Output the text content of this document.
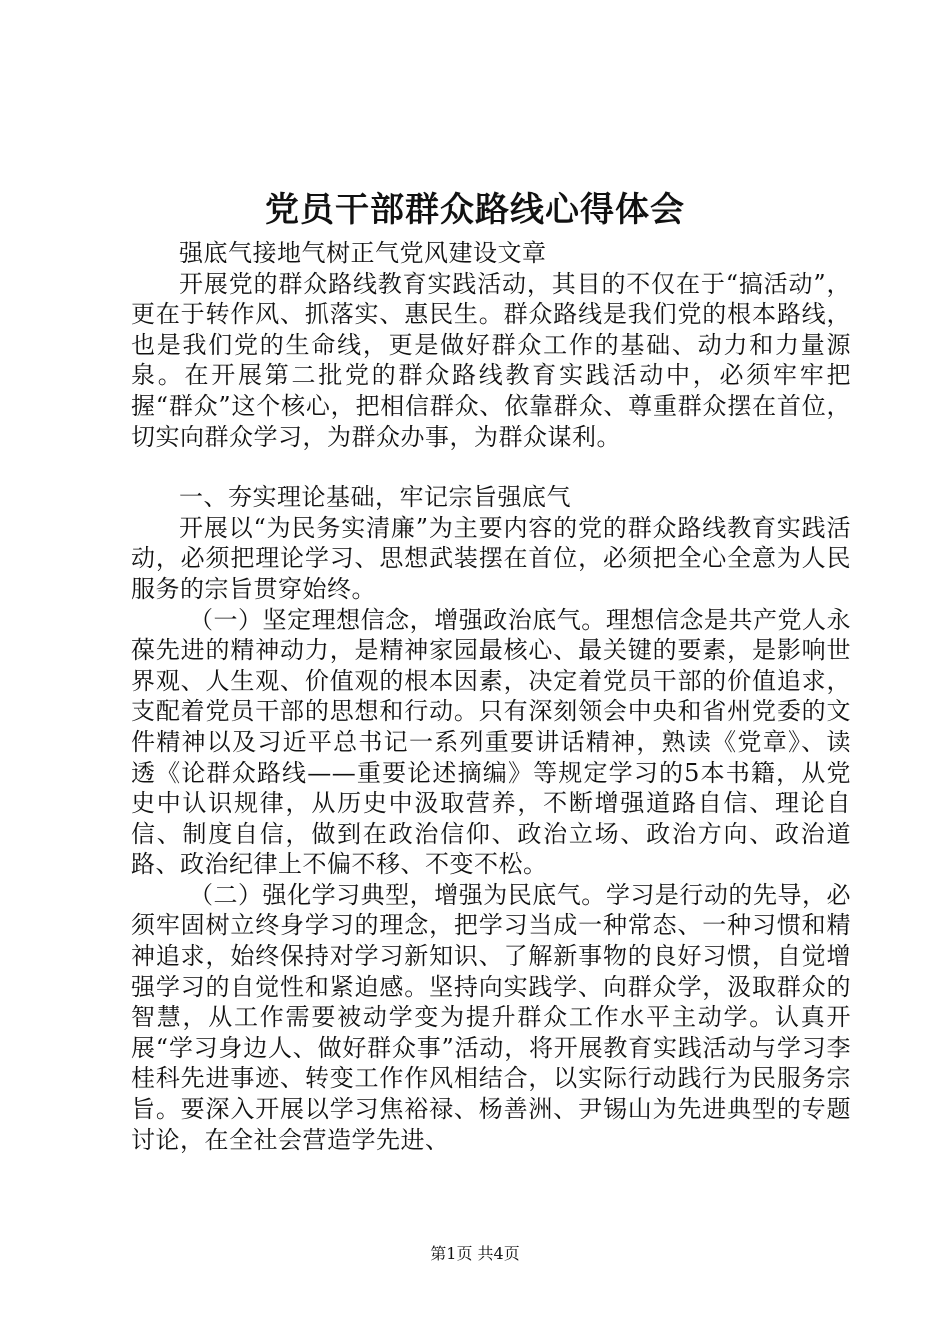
党员干部群众路线心得体会

强底气接地气树正气党风建设文章

开展党的群众路线教育实践活动，其目的不仅在于“搞活动”，更在于转作风、抓落实、惠民生。群众路线是我们党的根本路线，也是我们党的生命线，更是做好群众工作的基础、动力和力量源泉。在开展第二批党的群众路线教育实践活动中，必须牢牢把握“群众”这个核心，把相信群众、依靠群众、尊重群众摆在首位，切实向群众学习，为群众办事，为群众谋利。

一、夯实理论基础，牢记宗旨强底气

开展以“为民务实清廉”为主要内容的党的群众路线教育实践活动，必须把理论学习、思想武装摆在首位，必须把全心全意为人民服务的宗旨贯穿始终。

（一）坚定理想信念，增强政治底气。理想信念是共产党人永葆先进的精神动力，是精神家园最核心、最关键的要素，是影响世界观、人生观、价值观的根本因素，决定着党员干部的价值追求，支配着党员干部的思想和行动。只有深刻领会中央和省州党委的文件精神以及习近平总书记一系列重要讲话精神，熟读《党章》、读透《论群众路线——重要论述摘编》等规定学习的5本书籍，从党史中认识规律，从历史中汲取营养，不断增强道路自信、理论自信、制度自信，做到在政治信仰、政治立场、政治方向、政治道路、政治纪律上不偏不移、不变不松。

（二）强化学习典型，增强为民底气。学习是行动的先导，必须牢固树立终身学习的理念，把学习当成一种常态、一种习惯和精神追求，始终保持对学习新知识、了解新事物的良好习惯，自觉增强学习的自觉性和紧迫感。坚持向实践学、向群众学，汲取群众的智慧，从工作需要被动学变为提升群众工作水平主动学。认真开展“学习身边人、做好群众事”活动，将开展教育实践活动与学习李桂科先进事迹、转变工作作风相结合，以实际行动践行为民服务宗旨。要深入开展以学习焦裕禄、杨善洲、尹锡山为先进典型的专题讨论，在全社会营造学先进、

第1页 共4页
